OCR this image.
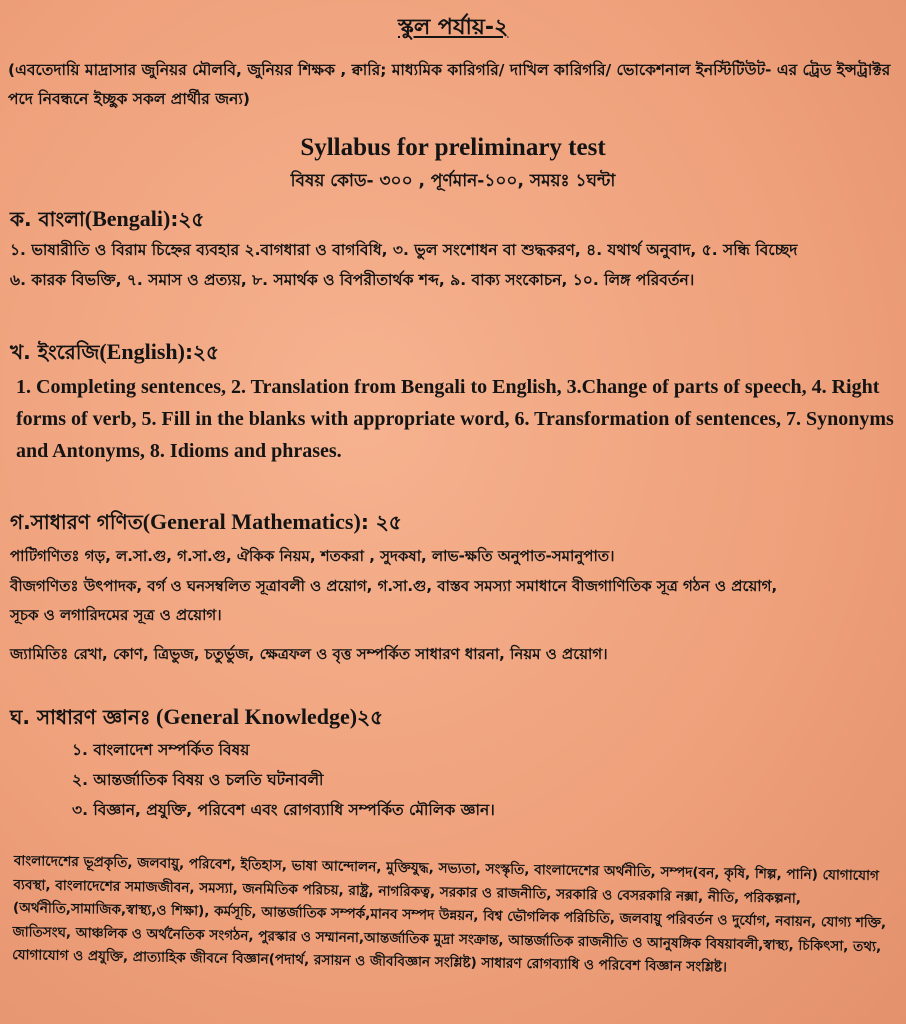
স্কুল পর্যায়-২

(এবতেদায়ি মাদ্রাসার জুনিয়র মৌলবি, জুনিয়র শিক্ষক , ক্বারি; মাধ্যমিক কারিগরি/ দাখিল কারিগরি/ ভোকেশনাল ইনস্টিটিউট- এর ট্রেড ইন্সট্রাক্টর পদে নিবন্ধনে ইচ্ছুক সকল প্রার্থীর জন্য)

Syllabus for preliminary test

বিষয় কোড- ৩০০ , পূর্ণমান-১০০, সময়ঃ ১ঘন্টা

ক. বাংলা(Bengali):২৫

১. ভাষারীতি ও বিরাম চিহ্নের ব্যবহার ২.বাগধারা ও বাগবিধি, ৩. ভুল সংশোধন বা শুদ্ধকরণ, ৪. যথার্থ অনুবাদ, ৫. সন্ধি বিচ্ছেদ

৬. কারক বিভক্তি, ৭. সমাস ও প্রত্যয়, ৮. সমার্থক ও বিপরীতার্থক শব্দ, ৯. বাক্য সংকোচন, ১০. লিঙ্গ পরিবর্তন।

খ. ইংরেজি(English):২৫

1. Completing sentences, 2. Translation from Bengali to English, 3.Change of parts of speech, 4. Right forms of verb, 5. Fill in the blanks with appropriate word, 6. Transformation of sentences, 7. Synonyms and Antonyms, 8. Idioms and phrases.

গ.সাধারণ গণিত(General Mathematics): ২৫

পাটিগণিতঃ গড়, ল.সা.গু, গ.সা.গু, ঐকিক নিয়ম, শতকরা , সুদকষা, লাভ-ক্ষতি অনুপাত-সমানুপাত।

বীজগণিতঃ উৎপাদক, বর্গ ও ঘনসম্বলিত সূত্রাবলী ও প্রয়োগ, গ.সা.গু, বাস্তব সমস্যা সমাধানে বীজগাণিতিক সূত্র গঠন ও প্রয়োগ,

সূচক ও লগারিদমের সূত্র ও প্রয়োগ।

জ্যামিতিঃ রেখা, কোণ, ত্রিভুজ, চতুর্ভুজ, ক্ষেত্রফল ও বৃত্ত সম্পর্কিত সাধারণ ধারনা, নিয়ম ও প্রয়োগ।

ঘ. সাধারণ জ্ঞানঃ (General Knowledge)২৫

১. বাংলাদেশ সম্পর্কিত বিষয়

২. আন্তর্জাতিক বিষয় ও চলতি ঘটনাবলী

৩. বিজ্ঞান, প্রযুক্তি, পরিবেশ এবং রোগব্যাধি সম্পর্কিত মৌলিক জ্ঞান।

বাংলাদেশের ভূপ্রকৃতি, জলবায়ু, পরিবেশ, ইতিহাস, ভাষা আন্দোলন, মুক্তিযুদ্ধ, সভ্যতা, সংস্কৃতি, বাংলাদেশের অর্থনীতি, সম্পদ(বন, কৃষি, শিল্প, পানি) যোগাযোগ ব্যবস্থা, বাংলাদেশের সমাজজীবন, সমস্যা, জনমিতিক পরিচয়, রাষ্ট্র, নাগরিকত্ব, সরকার ও রাজনীতি, সরকারি ও বেসরকারি নক্সা, নীতি, পরিকল্পনা, (অর্থনীতি,সামাজিক,স্বাস্থ্য,ও শিক্ষা), কর্মসূচি, আন্তর্জাতিক সম্পর্ক,মানব সম্পদ উন্নয়ন, বিশ্ব ভৌগলিক পরিচিতি, জলবায়ু পরিবর্তন ও দুর্যোগ, নবায়ন, যোগ্য শক্তি, জাতিসংঘ, আঞ্চলিক ও অর্থনৈতিক সংগঠন, পুরস্কার ও সম্মাননা,আন্তর্জাতিক মুদ্রা সংক্রান্ত, আন্তর্জাতিক রাজনীতি ও আনুষঙ্গিক বিষয়াবলী,স্বাস্থ্য, চিকিৎসা, তথ্য, যোগাযোগ ও প্রযুক্তি, প্রাত্যাহিক জীবনে বিজ্ঞান(পদার্থ, রসায়ন ও জীববিজ্ঞান সংশ্লিষ্ট) সাধারণ রোগব্যাধি ও পরিবেশ বিজ্ঞান সংশ্লিষ্ট।
